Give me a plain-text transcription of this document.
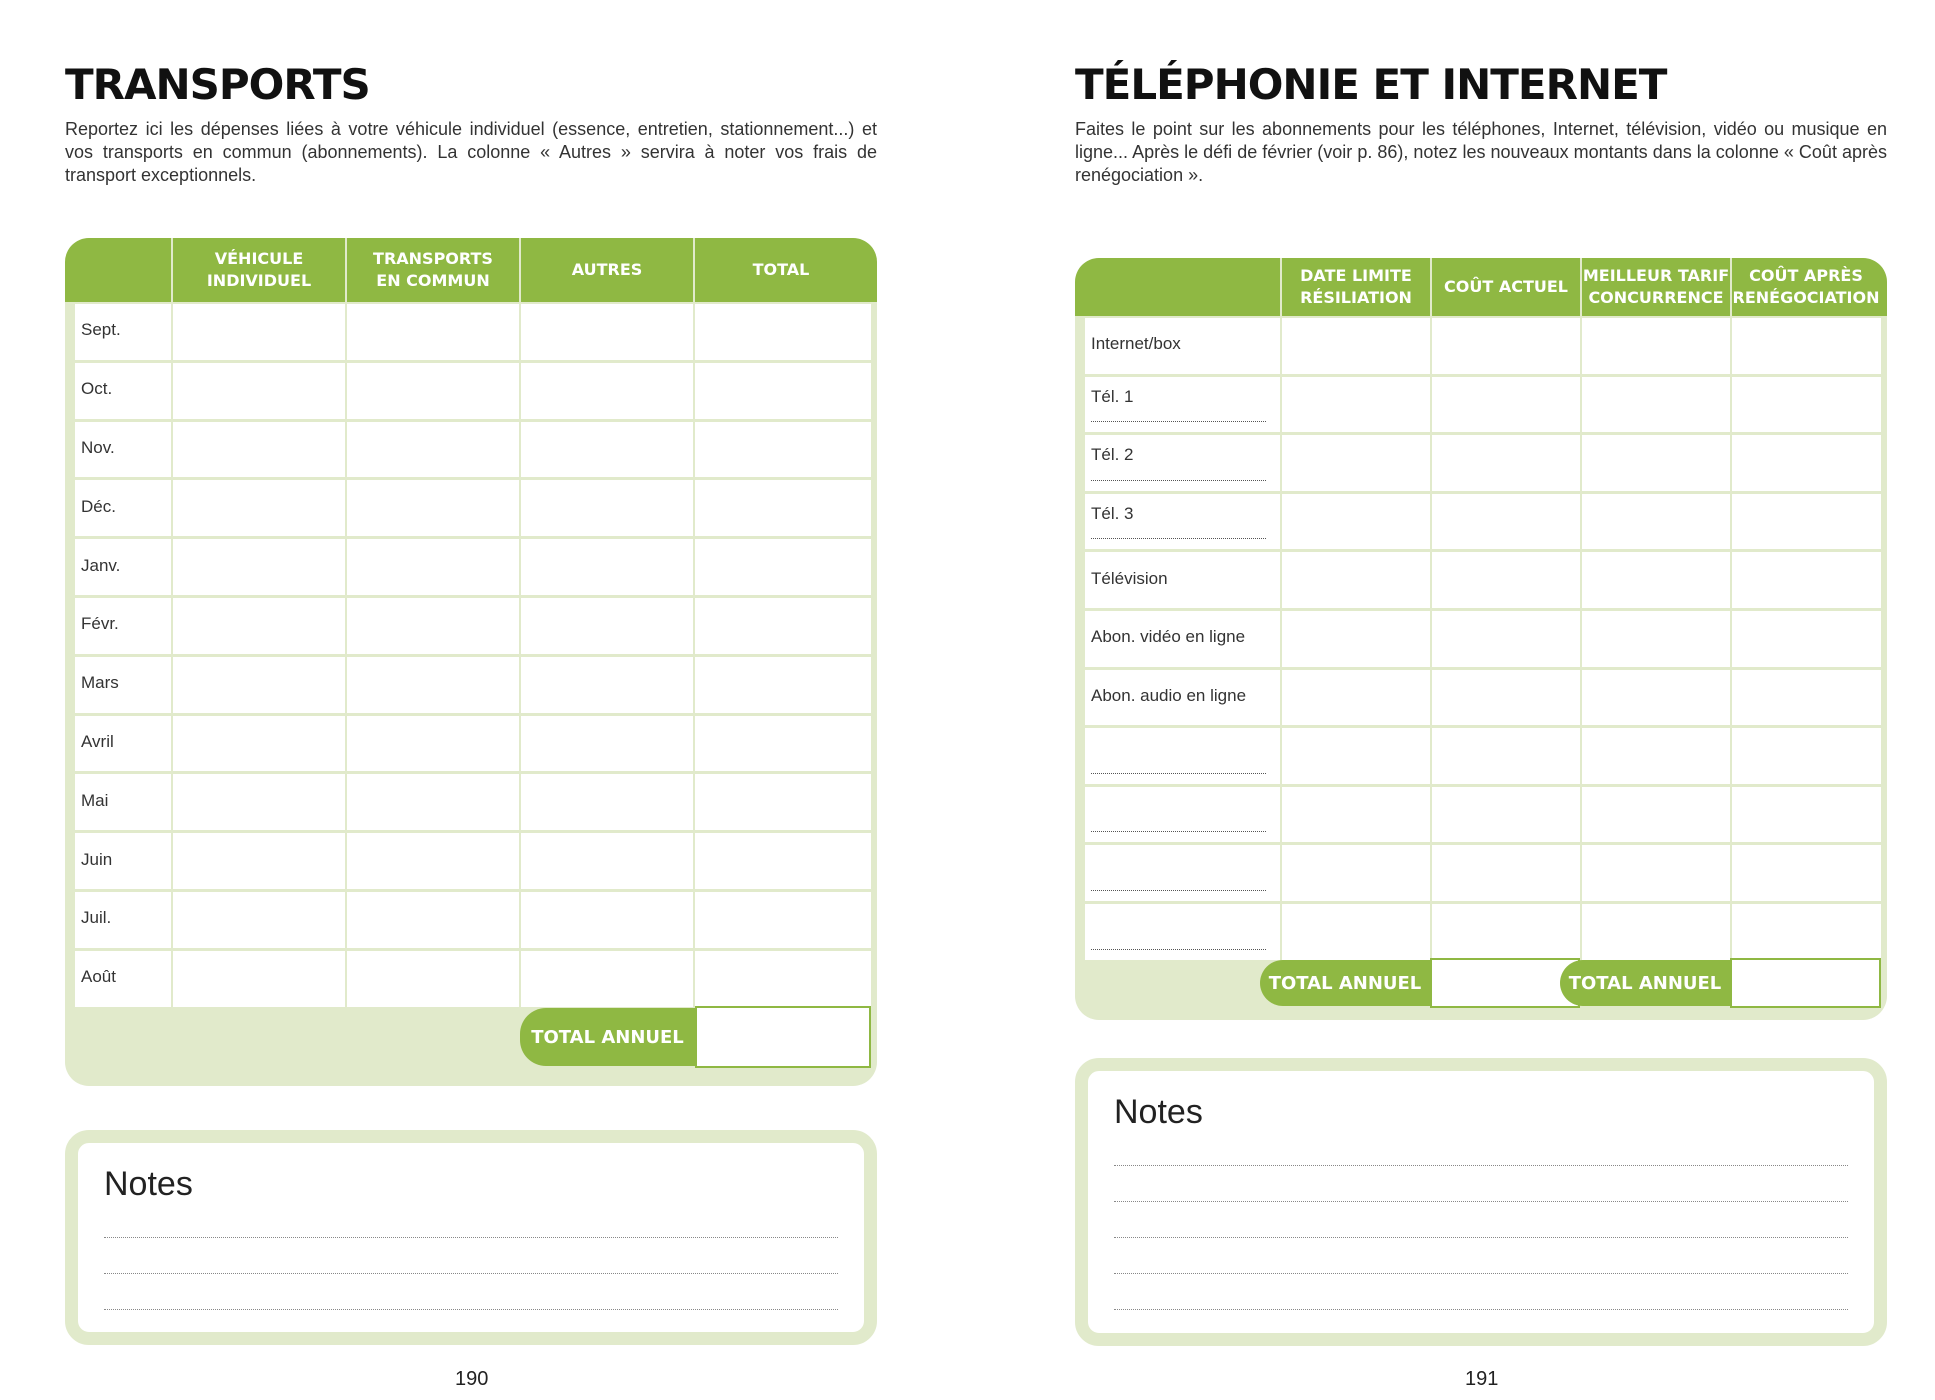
TRANSPORTS
Reportez ici les dépenses liées à votre véhicule individuel (essence, entretien, stationnement...) et vos transports en commun (abonnements). La colonne « Autres » servira à noter vos frais de transport exceptionnels.
VÉHICULE
INDIVIDUEL
TRANSPORTS
EN COMMUN
AUTRES	TOTAL
Sept.
Oct.
Nov.
Déc.
Janv.
Févr.
Mars
Avril
Mai
Juin
Juil.
Août
TOTAL ANNUEL
Notes
190
TÉLÉPHONIE ET INTERNET
Faites le point sur les abonnements pour les téléphones, Internet, télévision, vidéo ou musique en ligne... Après le défi de février (voir p. 86), notez les nouveaux montants dans la colonne « Coût après renégociation ».
DATE LIMITE
RÉSILIATION
COÛT ACTUEL
MEILLEUR TARIF
CONCURRENCE
COÛT APRÈS
RENÉGOCIATION
Internet/box
Tél. 1
Tél. 2
Tél. 3
Télévision
Abon. vidéo en ligne
Abon. audio en ligne
TOTAL ANNUEL	TOTAL ANNUEL
Notes
191
